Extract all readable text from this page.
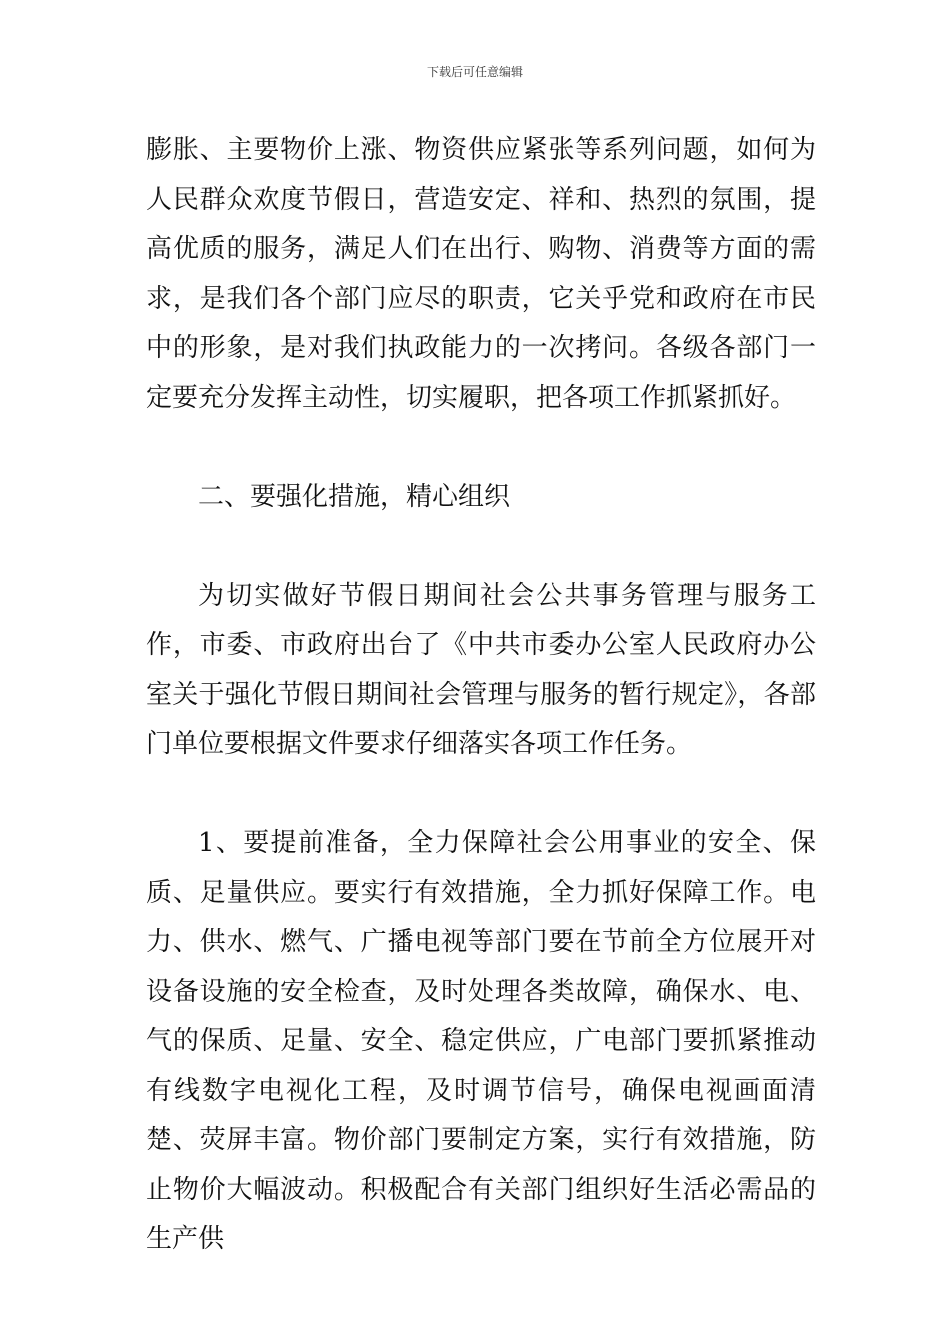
下载后可任意编辑

膨胀、主要物价上涨、物资供应紧张等系列问题，如何为人民群众欢度节假日，营造安定、祥和、热烈的氛围，提高优质的服务，满足人们在出行、购物、消费等方面的需求，是我们各个部门应尽的职责，它关乎党和政府在市民中的形象，是对我们执政能力的一次拷问。各级各部门一定要充分发挥主动性，切实履职，把各项工作抓紧抓好。

二、要强化措施，精心组织

为切实做好节假日期间社会公共事务管理与服务工作，市委、市政府出台了《中共市委办公室人民政府办公室关于强化节假日期间社会管理与服务的暂行规定》，各部门单位要根据文件要求仔细落实各项工作任务。

1、要提前准备，全力保障社会公用事业的安全、保质、足量供应。要实行有效措施，全力抓好保障工作。电力、供水、燃气、广播电视等部门要在节前全方位展开对设备设施的安全检查，及时处理各类故障，确保水、电、气的保质、足量、安全、稳定供应，广电部门要抓紧推动有线数字电视化工程，及时调节信号，确保电视画面清楚、荧屏丰富。物价部门要制定方案，实行有效措施，防止物价大幅波动。积极配合有关部门组织好生活必需品的生产供
